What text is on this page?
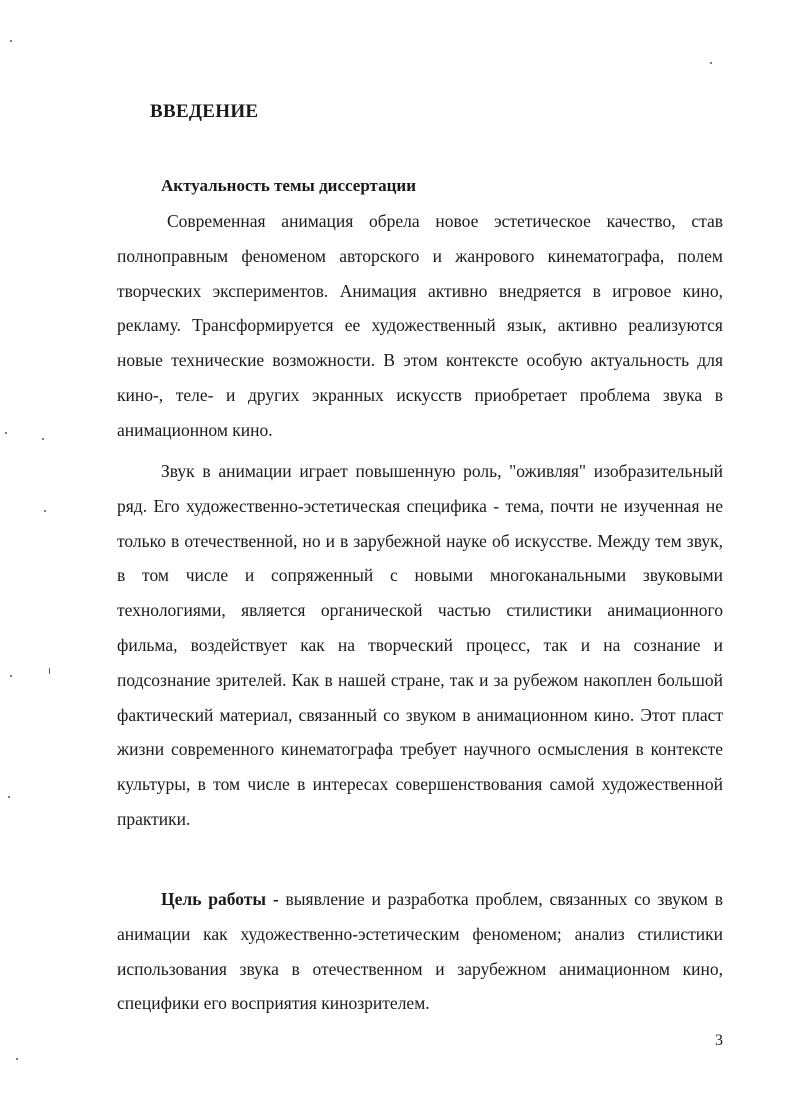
ВВЕДЕНИЕ
Актуальность темы диссертации

Современная анимация обрела новое эстетическое качество, став полноправным феноменом авторского и жанрового кинематографа, полем творческих экспериментов. Анимация активно внедряется в игровое кино, рекламу. Трансформируется ее художественный язык, активно реализуются новые технические возможности. В этом контексте особую актуальность для кино-, теле- и других экранных искусств приобретает проблема звука в анимационном кино.

Звук в анимации играет повышенную роль, "оживляя" изобразительный ряд. Его художественно-эстетическая специфика - тема, почти не изученная не только в отечественной, но и в зарубежной науке об искусстве. Между тем звук, в том числе и сопряженный с новыми многоканальными звуковыми технологиями, является органической частью стилистики анимационного фильма, воздействует как на творческий процесс, так и на сознание и подсознание зрителей. Как в нашей стране, так и за рубежом накоплен большой фактический материал, связанный со звуком в анимационном кино. Этот пласт жизни современного кинематографа требует научного осмысления в контексте культуры, в том числе в интересах совершенствования самой художественной практики.

Цель работы - выявление и разработка проблем, связанных со звуком в анимации как художественно-эстетическим феноменом; анализ стилистики использования звука в отечественном и зарубежном анимационном кино, специфики его восприятия кинозрителем.

3
